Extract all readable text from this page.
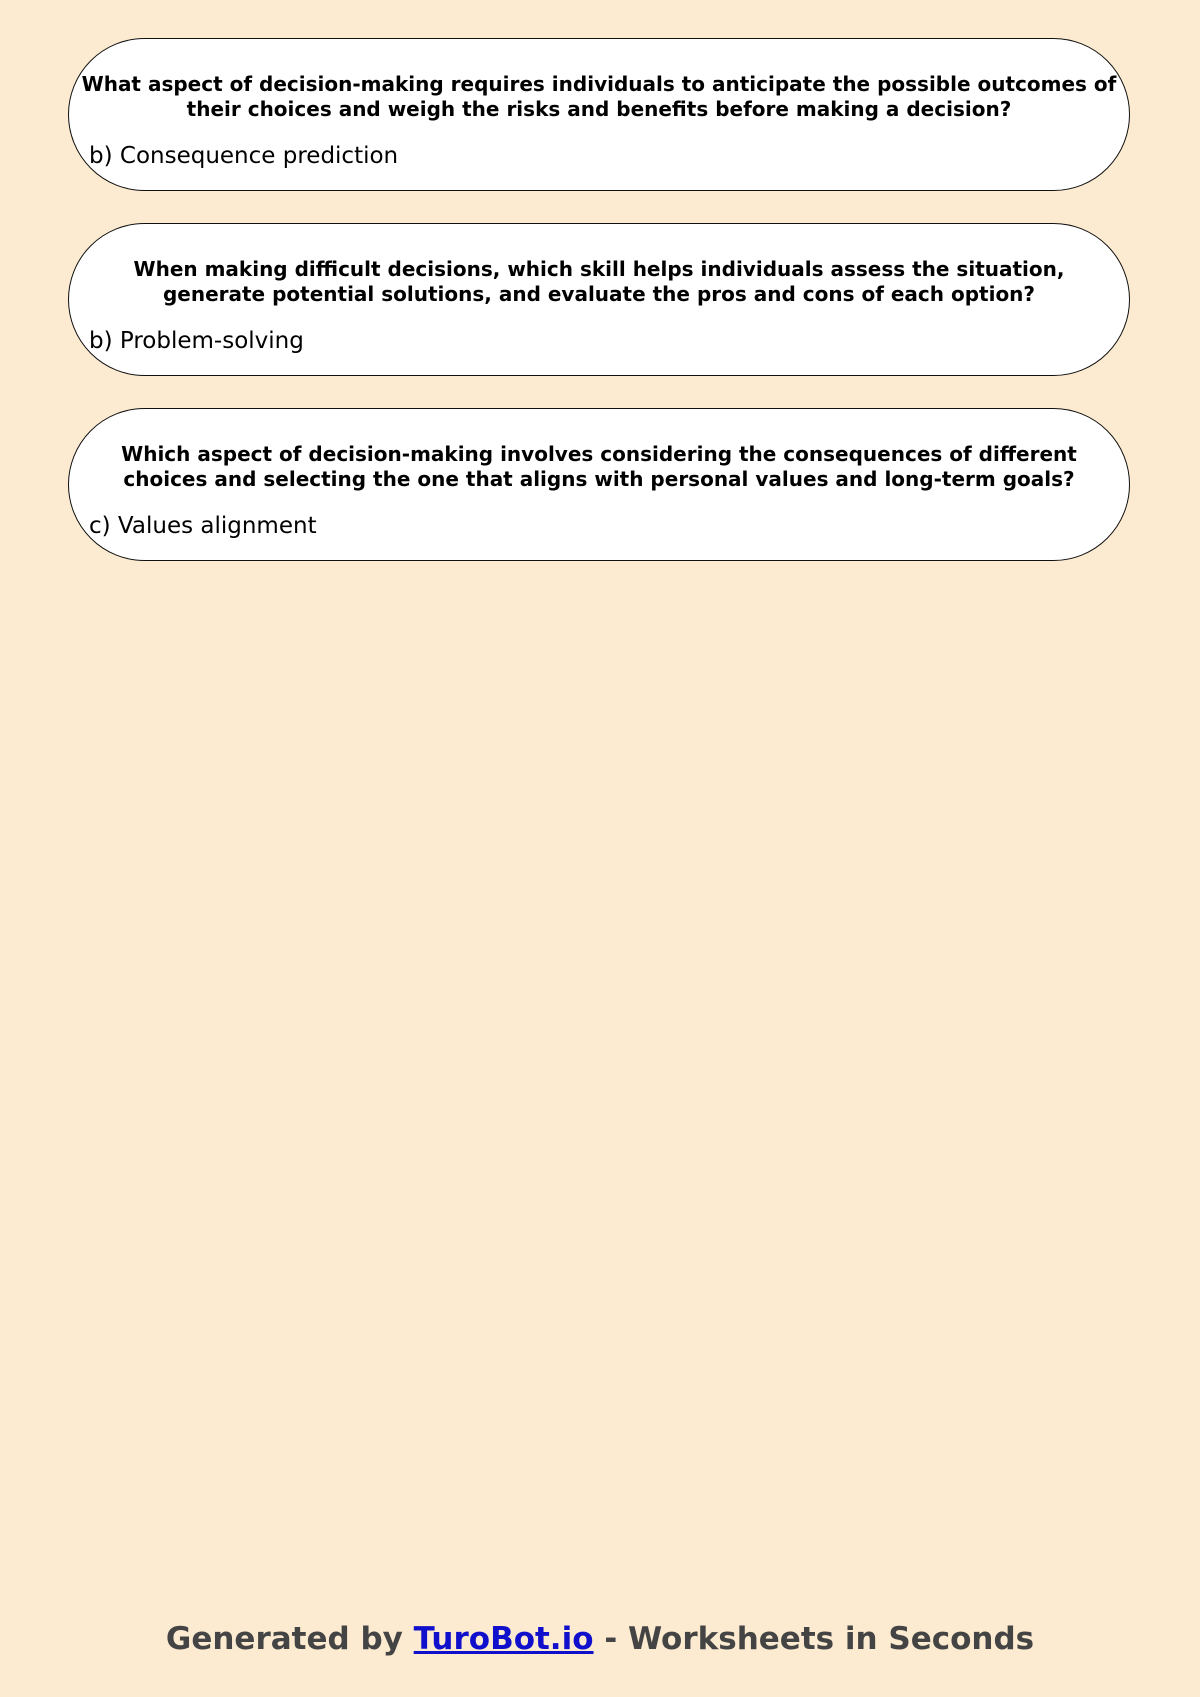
What aspect of decision-making requires individuals to anticipate the possible outcomes of their choices and weigh the risks and benefits before making a decision?
b) Consequence prediction
When making difficult decisions, which skill helps individuals assess the situation, generate potential solutions, and evaluate the pros and cons of each option?
b) Problem-solving
Which aspect of decision-making involves considering the consequences of different choices and selecting the one that aligns with personal values and long-term goals?
c) Values alignment
Generated by TuroBot.io - Worksheets in Seconds
